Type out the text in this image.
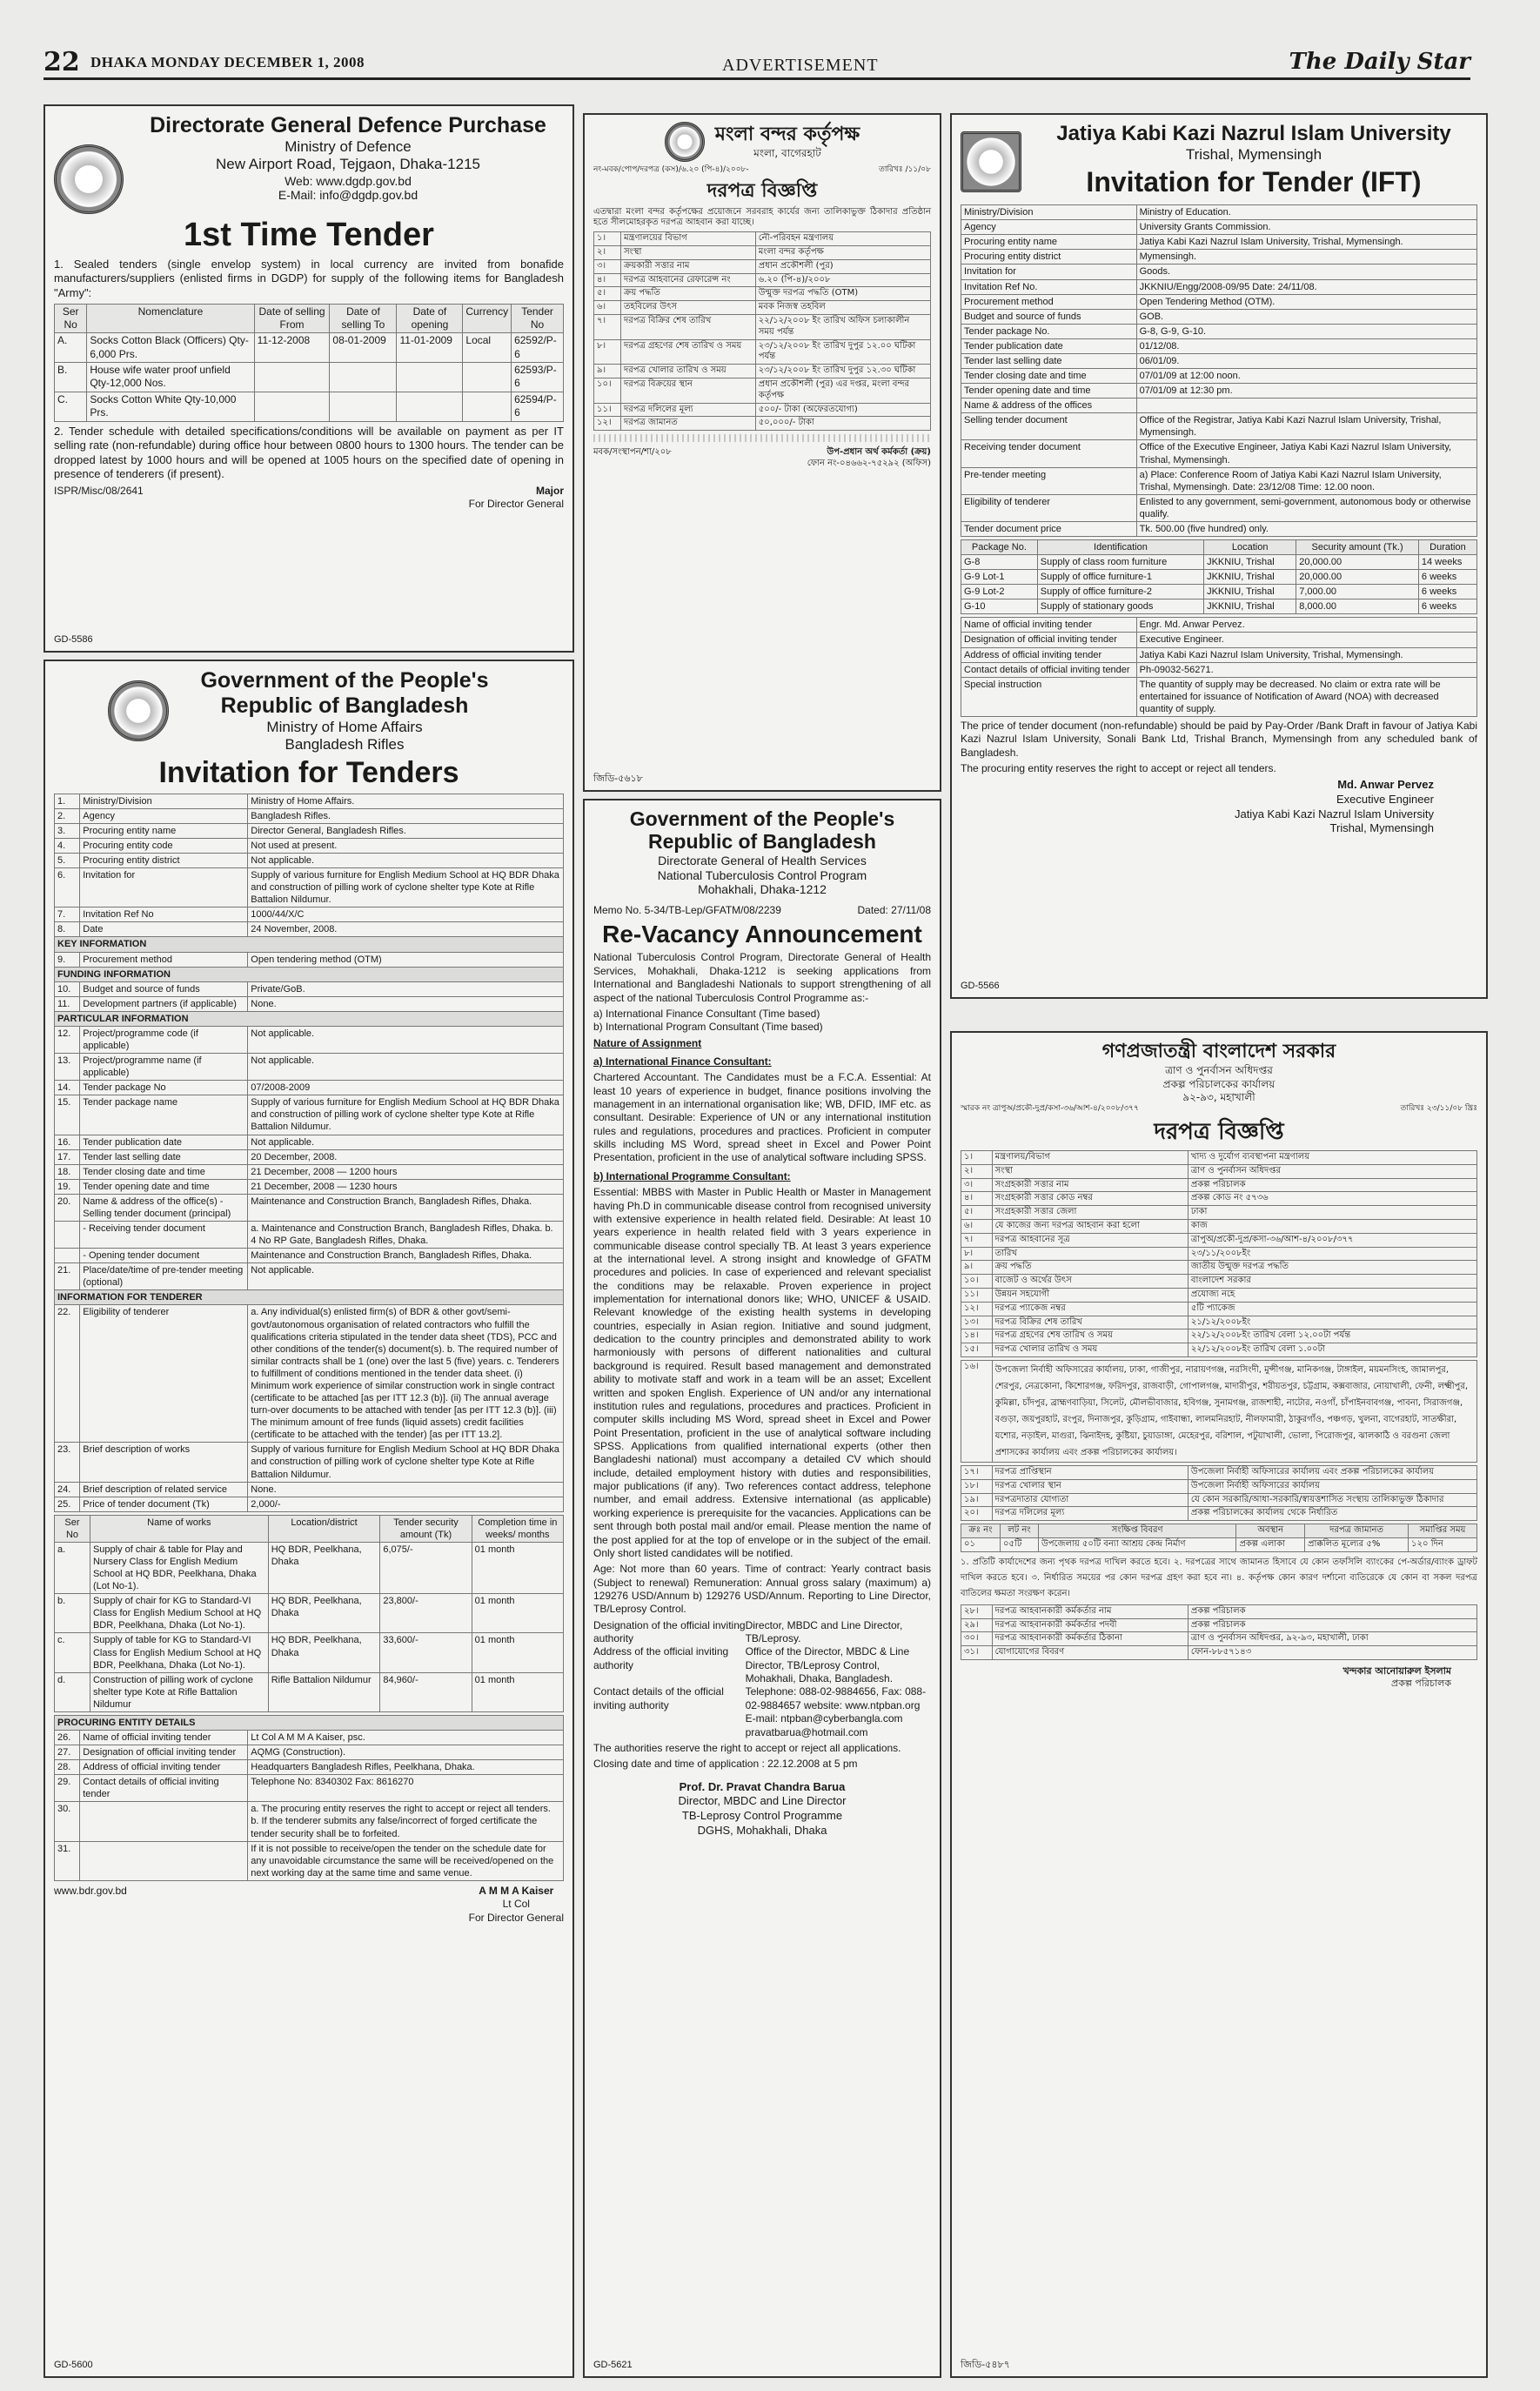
22 DHAKA MONDAY DECEMBER 1, 2008	ADVERTISEMENT	The Daily Star
Directorate General Defence Purchase
Ministry of Defence
New Airport Road, Tejgaon, Dhaka-1215
Web: www.dgdp.gov.bd
E-Mail: info@dgdp.gov.bd
1st Time Tender

1. Sealed tenders (single envelop system) in local currency are invited from bonafide manufacturers/suppliers (enlisted firms in DGDP) for supply of the following items for Bangladesh "Army":

Ser No	Nomenclature	Date of selling From	Date of selling To	Date of opening	Currency	Tender No
A.	Socks Cotton Black (Officers) Qty-6,000 Prs.	11-12-2008	08-01-2009	11-01-2009	Local	62592/P-6
B.	House wife water proof unfield Qty-12,000 Nos.					62593/P-6
C.	Socks Cotton White Qty-10,000 Prs.					62594/P-6

2. Tender schedule with detailed specifications/conditions will be available on payment as per IT selling rate (non-refundable) during office hour between 0800 hours to 1300 hours. The tender can be dropped latest by 1000 hours and will be opened at 1005 hours on the specified date of opening in presence of tenderers (if present).

ISPR/Misc/08/2641	Major
For Director General
GD-5586
Government of the People's Republic of Bangladesh
Ministry of Home Affairs
Bangladesh Rifles
Invitation for Tenders
1.	Ministry/Division	Ministry of Home Affairs.
2.	Agency	Bangladesh Rifles.
3.	Procuring entity name	Director General, Bangladesh Rifles.
4.	Procuring entity code	Not used at present.
5.	Procuring entity district	Not applicable.
6.	Invitation for	Supply of various furniture for English Medium School at HQ BDR Dhaka and construction of pilling work of cyclone shelter type Kote at Rifle Battalion Nildumur.
7.	Invitation Ref No	1000/44/X/C
8.	Date	24 November, 2008.
KEY INFORMATION		
9.	Procurement method	Open tendering method (OTM)
FUNDING INFORMATION		
10.	Budget and source of funds	Private/GoB.
11.	Development partners (if applicable)	None.
PARTICULAR INFORMATION		
12.	Project/programme code (if applicable)	Not applicable.
13.	Project/programme name (if applicable)	Not applicable.
14.	Tender package No	07/2008-2009
15.	Tender package name	Supply of various furniture for English Medium School at HQ BDR Dhaka and construction of pilling work of cyclone shelter type Kote at Rifle Battalion Nildumur.
16.	Tender publication date	Not applicable.
17.	Tender last selling date	20 December, 2008.
18.	Tender closing date and time	21 December, 2008 — 1200 hours
19.	Tender opening date and time	21 December, 2008 — 1230 hours
20.	Name & address of the office(s) - Selling tender document (principal)	Maintenance and Construction Branch, Bangladesh Rifles, Dhaka.
	- Receiving tender document	a. Maintenance and Construction Branch, Bangladesh Rifles, Dhaka. b. 4 No RP Gate, Bangladesh Rifles, Dhaka.
	- Opening tender document	Maintenance and Construction Branch, Bangladesh Rifles, Dhaka.
21.	Place/date/time of pre-tender meeting (optional)	Not applicable.
INFORMATION FOR TENDERER		
22.	Eligibility of tenderer	a. Any individual(s) enlisted firm(s) of BDR & other govt/semi-govt/autonomous organisation of related contractors who fulfill the qualifications criteria stipulated in the tender data sheet (TDS), PCC and other conditions of the tender(s) document(s). b. The required number of similar contracts shall be 1 (one) over the last 5 (five) years. c. Tenderers to fulfillment of conditions mentioned in the tender data sheet. (i) Minimum work experience of similar construction work in single contract (certificate to be attached [as per ITT 12.3 (b)]. (ii) The annual average turn-over documents to be attached with tender [as per ITT 12.3 (b)]. (iii) The minimum amount of free funds (liquid assets) credit facilities (certificate to be attached with the tender) [as per ITT 13.2].
23.	Brief description of works	Supply of various furniture for English Medium School at HQ BDR Dhaka and construction of pilling work of cyclone shelter type Kote at Rifle Battalion Nildumur.
24.	Brief description of related service	None.
25.	Price of tender document (Tk)	2,000/-
Ser No	Name of works	Location/district	Tender security amount (Tk)	Completion time in weeks/ months
a.	Supply of chair & table for Play and Nursery Class for English Medium School at HQ BDR, Peelkhana, Dhaka (Lot No-1).	HQ BDR, Peelkhana, Dhaka	6,075/-	01 month
b.	Supply of chair for KG to Standard-VI Class for English Medium School at HQ BDR, Peelkhana, Dhaka (Lot No-1).	HQ BDR, Peelkhana, Dhaka	23,800/-	01 month
c.	Supply of table for KG to Standard-VI Class for English Medium School at HQ BDR, Peelkhana, Dhaka (Lot No-1).	HQ BDR, Peelkhana, Dhaka	33,600/-	01 month
d.	Construction of pilling work of cyclone shelter type Kote at Rifle Battalion Nildumur	Rifle Battalion Nildumur	84,960/-	01 month
PROCURING ENTITY DETAILS		
26.	Name of official inviting tender	Lt Col A M M A Kaiser, psc.
27.	Designation of official inviting tender	AQMG (Construction).
28.	Address of official inviting tender	Headquarters Bangladesh Rifles, Peelkhana, Dhaka.
29.	Contact details of official inviting tender	Telephone No: 8340302 Fax: 8616270
30.		a. The procuring entity reserves the right to accept or reject all tenders. b. If the tenderer submits any false/incorrect of forged certificate the tender security shall be to forfeited.
31.		If it is not possible to receive/open the tender on the schedule date for any unavoidable circumstance the same will be received/opened on the next working day at the same time and same venue.
www.bdr.gov.bd	A M M A Kaiser
Lt Col
For Director General
GD-5600
মংলা বন্দর কর্তৃপক্ষ
মংলা, বাগেরহাট
নং-মবক/পোপ/দরপত্র (কস)/৬.২০ (পি-৪)/২০০৮-	তারিখঃ /১১/০৮
দরপত্র বিজ্ঞপ্তি

এতদ্বারা মংলা বন্দর কর্তৃপক্ষের প্রয়োজনে সরবরাহ কার্যের জন্য তালিকাভুক্ত ঠিকাদার প্রতিষ্ঠান হতে সীলমোহরকৃত দরপত্র আহবান করা যাচ্ছে।

১।	মন্ত্রণালয়ের বিভাগ	নৌ-পরিবহন মন্ত্রণালয়
২।	সংস্থা	মংলা বন্দর কর্তৃপক্ষ
৩।	ক্রয়কারী সত্তার নাম	প্রধান প্রকৌশলী (পুর)
৪।	দরপত্র আহবানের রেফারেন্স নং	৬.২০ (পি-৪)/২০০৮
৫।	ক্রয় পদ্ধতি	উন্মুক্ত দরপত্র পদ্ধতি (OTM)
৬।	তহবিলের উৎস	মবক নিজস্ব তহবিল
৭।	দরপত্র বিক্রির শেষ তারিখ	২২/১২/২০০৮ ইং তারিখ অফিস চলাকালীন সময় পর্যন্ত
৮।	দরপত্র গ্রহণের শেষ তারিখ ও সময়	২৩/১২/২০০৮ ইং তারিখ দুপুর ১২.০০ ঘটিকা পর্যন্ত
৯।	দরপত্র খোলার তারিখ ও সময়	২৩/১২/২০০৮ ইং তারিখ দুপুর ১২.৩০ ঘটিকা
১০।	দরপত্র বিক্রয়ের স্থান	প্রধান প্রকৌশলী (পুর) এর দপ্তর, মংলা বন্দর কর্তৃপক্ষ
১১।	দরপত্র দলিলের মূল্য	৫০০/- টাকা (অফেরতযোগ্য)
১২।	দরপত্র জামানত	৫০,০০০/- টাকা
মবক/সংস্থাপন/শা/২০৮	উপ-প্রধান অর্থ কর্মকর্তা (ক্রয়)
ফোন নং-০৪৬৬২-৭৫২৯২ (অফিস)
জিডি-৫৬১৮
Government of the People's Republic of Bangladesh
Directorate General of Health Services
National Tuberculosis Control Program
Mohakhali, Dhaka-1212
Memo No. 5-34/TB-Lep/GFATM/08/2239	Dated: 27/11/08
Re-Vacancy Announcement

National Tuberculosis Control Program, Directorate General of Health Services, Mohakhali, Dhaka-1212 is seeking applications from International and Bangladeshi Nationals to support strengthening of all aspect of the national Tuberculosis Control Programme as:-

a) International Finance Consultant (Time based)
b) International Program Consultant (Time based)
Nature of Assignment
a) International Finance Consultant:

Chartered Accountant. The Candidates must be a F.C.A. Essential: At least 10 years of experience in budget, finance positions involving the management in an international organisation like; WB, DFID, IMF etc. as consultant. Desirable: Experience of UN or any international institution rules and regulations, procedures and practices. Proficient in computer skills including MS Word, spread sheet in Excel and Power Point Presentation, proficient in the use of analytical software including SPSS.

b) International Programme Consultant:

Essential: MBBS with Master in Public Health or Master in Management having Ph.D in communicable disease control from recognised university with extensive experience in health related field. Desirable: At least 10 years experience in health related field with 3 years experience in communicable disease control specially TB. At least 3 years experience at the international level. A strong insight and knowledge of GFATM procedures and policies. In case of experienced and relevant specialist the conditions may be relaxable. Proven experience in project implementation for international donors like; WHO, UNICEF & USAID. Relevant knowledge of the existing health systems in developing countries, especially in Asian region. Initiative and sound judgment, dedication to the country principles and demonstrated ability to work harmoniously with persons of different nationalities and cultural background is required. Result based management and demonstrated ability to motivate staff and work in a team will be an asset; Excellent written and spoken English. Experience of UN and/or any international institution rules and regulations, procedures and practices. Proficient in computer skills including MS Word, spread sheet in Excel and Power Point Presentation, proficient in the use of analytical software including SPSS. Applications from qualified international experts (other then Bangladeshi national) must accompany a detailed CV which should include, detailed employment history with duties and responsibilities, major publications (if any). Two references contact address, telephone number, and email address. Extensive international (as applicable) working experience is prerequisite for the vacancies. Applications can be sent through both postal mail and/or email. Please mention the name of the post applied for at the top of envelope or in the subject of the email. Only short listed candidates will be notified.

Age: Not more than 60 years. Time of contract: Yearly contract basis (Subject to renewal) Remuneration: Annual gross salary (maximum) a) 129276 USD/Annum b) 129276 USD/Annum. Reporting to Line Director, TB/Leprosy Control.

Designation of the official inviting authority	Director, MBDC and Line Director, TB/Leprosy.
Address of the official inviting authority	Office of the Director, MBDC & Line Director, TB/Leprosy Control, Mohakhali, Dhaka, Bangladesh.
Contact details of the official inviting authority	Telephone: 088-02-9884656, Fax: 088-02-9884657 website: www.ntpban.org E-mail: ntpban@cyberbangla.com pravatbarua@hotmail.com

The authorities reserve the right to accept or reject all applications.

Closing date and time of application : 22.12.2008 at 5 pm

Prof. Dr. Pravat Chandra Barua
Director, MBDC and Line Director
TB-Leprosy Control Programme
DGHS, Mohakhali, Dhaka
GD-5621
Jatiya Kabi Kazi Nazrul Islam University
Trishal, Mymensingh
Invitation for Tender (IFT)
Ministry/Division	Ministry of Education.
Agency	University Grants Commission.
Procuring entity name	Jatiya Kabi Kazi Nazrul Islam University, Trishal, Mymensingh.
Procuring entity district	Mymensingh.
Invitation for	Goods.
Invitation Ref No.	JKKNIU/Engg/2008-09/95 Date: 24/11/08.
Procurement method	Open Tendering Method (OTM).
Budget and source of funds	GOB.
Tender package No.	G-8, G-9, G-10.
Tender publication date	01/12/08.
Tender last selling date	06/01/09.
Tender closing date and time	07/01/09 at 12:00 noon.
Tender opening date and time	07/01/09 at 12:30 pm.
Name & address of the offices	
Selling tender document	Office of the Registrar, Jatiya Kabi Kazi Nazrul Islam University, Trishal, Mymensingh.
Receiving tender document	Office of the Executive Engineer, Jatiya Kabi Kazi Nazrul Islam University, Trishal, Mymensingh.
Pre-tender meeting	a) Place: Conference Room of Jatiya Kabi Kazi Nazrul Islam University, Trishal, Mymensingh. Date: 23/12/08 Time: 12.00 noon.
Eligibility of tenderer	Enlisted to any government, semi-government, autonomous body or otherwise qualify.
Tender document price	Tk. 500.00 (five hundred) only.
Package No.	Identification	Location	Security amount (Tk.)	Duration
G-8	Supply of class room furniture	JKKNIU, Trishal	20,000.00	14 weeks
G-9 Lot-1	Supply of office furniture-1	JKKNIU, Trishal	20,000.00	6 weeks
G-9 Lot-2	Supply of office furniture-2	JKKNIU, Trishal	7,000.00	6 weeks
G-10	Supply of stationary goods	JKKNIU, Trishal	8,000.00	6 weeks
Name of official inviting tender	Engr. Md. Anwar Pervez.
Designation of official inviting tender	Executive Engineer.
Address of official inviting tender	Jatiya Kabi Kazi Nazrul Islam University, Trishal, Mymensingh.
Contact details of official inviting tender	Ph-09032-56271.
Special instruction	The quantity of supply may be decreased. No claim or extra rate will be entertained for issuance of Notification of Award (NOA) with decreased quantity of supply.

The price of tender document (non-refundable) should be paid by Pay-Order /Bank Draft in favour of Jatiya Kabi Kazi Nazrul Islam University, Sonali Bank Ltd, Trishal Branch, Mymensingh from any scheduled bank of Bangladesh.

The procuring entity reserves the right to accept or reject all tenders.

Md. Anwar Pervez
Executive Engineer
Jatiya Kabi Kazi Nazrul Islam University
Trishal, Mymensingh
GD-5566
গণপ্রজাতন্ত্রী বাংলাদেশ সরকার
ত্রাণ ও পুনর্বাসন অধিদপ্তর
প্রকল্প পরিচালকের কার্যালয়
৯২-৯৩, মহাখালী
স্মারক নং ত্রাপুঅ/প্রকৌ-দুপ্র/কসা-৩৬/আশ-৪/২০০৮/৩৭৭	তারিখঃ ২৩/১১/০৮ খ্রিঃ
দরপত্র বিজ্ঞপ্তি
১।	মন্ত্রণালয়/বিভাগ	খাদ্য ও দুর্যোগ ব্যবস্থাপনা মন্ত্রণালয়
২।	সংস্থা	ত্রাণ ও পুনর্বাসন অধিদপ্তর
৩।	সংগ্রহকারী সত্তার নাম	প্রকল্প পরিচালক
৪।	সংগ্রহকারী সত্তার কোড নম্বর	প্রকল্প কোড নং ৫৭৩৬
৫।	সংগ্রহকারী সত্তার জেলা	ঢাকা
৬।	যে কাজের জন্য দরপত্র আহবান করা হলো	কাজ
৭।	দরপত্র আহবানের সূত্র	ত্রাপুঅ/প্রকৌ-দুপ্র/কসা-৩৬/আশ-৪/২০০৮/৩৭৭
৮।	তারিখ	২৩/১১/২০০৮ইং
৯।	ক্রয় পদ্ধতি	জাতীয় উন্মুক্ত দরপত্র পদ্ধতি
১০।	বাজেট ও অর্থের উৎস	বাংলাদেশ সরকার
১১।	উন্নয়ন সহযোগী	প্রযোজ্য নহে
১২।	দরপত্র প্যাকেজ নম্বর	৫টি প্যাকেজ
১৩।	দরপত্র বিক্রির শেষ তারিখ	২১/১২/২০০৮ইং
১৪।	দরপত্র গ্রহণের শেষ তারিখ ও সময়	২২/১২/২০০৮ইং তারিখ বেলা ১২.০০টা পর্যন্ত
১৫।	দরপত্র খোলার তারিখ ও সময়	২২/১২/২০০৮ইং তারিখ বেলা ১.০০টা
১৬।	উপজেলা নির্বাহী অফিসারের কার্যালয়, ঢাকা, গাজীপুর, নারায়ণগঞ্জ, নরসিংদী, মুন্সীগঞ্জ, মানিকগঞ্জ, টাঙ্গাইল, ময়মনসিংহ, জামালপুর, শেরপুর, নেত্রকোনা, কিশোরগঞ্জ, ফরিদপুর, রাজবাড়ী, গোপালগঞ্জ, মাদারীপুর, শরীয়তপুর, চট্টগ্রাম, কক্সবাজার, নোয়াখালী, ফেনী, লক্ষ্মীপুর, কুমিল্লা, চাঁদপুর, ব্রাহ্মণবাড়িয়া, সিলেট, মৌলভীবাজার, হবিগঞ্জ, সুনামগঞ্জ, রাজশাহী, নাটোর, নওগাঁ, চাঁপাইনবাবগঞ্জ, পাবনা, সিরাজগঞ্জ, বগুড়া, জয়পুরহাট, রংপুর, দিনাজপুর, কুড়িগ্রাম, গাইবান্ধা, লালমনিরহাট, নীলফামারী, ঠাকুরগাঁও, পঞ্চগড়, খুলনা, বাগেরহাট, সাতক্ষীরা, যশোর, নড়াইল, মাগুরা, ঝিনাইদহ, কুষ্টিয়া, চুয়াডাঙ্গা, মেহেরপুর, বরিশাল, পটুয়াখালী, ভোলা, পিরোজপুর, ঝালকাঠি ও বরগুনা জেলা প্রশাসকের কার্যালয় এবং প্রকল্প পরিচালকের কার্যালয়।
১৭।	দরপত্র প্রাপ্তিস্থান	উপজেলা নির্বাহী অফিসারের কার্যালয় এবং প্রকল্প পরিচালকের কার্যালয়
১৮।	দরপত্র খোলার স্থান	উপজেলা নির্বাহী অফিসারের কার্যালয়
১৯।	দরপত্রদাতার যোগ্যতা	যে কোন সরকারি/আধা-সরকারি/স্বায়ত্তশাসিত সংস্থায় তালিকাভুক্ত ঠিকাদার
২০।	দরপত্র দলিলের মূল্য	প্রকল্প পরিচালকের কার্যালয় থেকে নির্ধারিত
ক্রঃ নং	লট নং	সংক্ষিপ্ত বিবরণ	অবস্থান	দরপত্র জামানত	সমাপ্তির সময়
০১	০৫টি	উপজেলায় ৫০টি বন্যা আশ্রয় কেন্দ্র নির্মাণ	প্রকল্প এলাকা	প্রাক্কলিত মূল্যের ৫%	১২০ দিন

১. প্রতিটি কার্যাদেশের জন্য পৃথক দরপত্র দাখিল করতে হবে। ২. দরপত্রের সাথে জামানত হিসাবে যে কোন তফসিলি ব্যাংকের পে-অর্ডার/ব্যাংক ড্রাফট দাখিল করতে হবে। ৩. নির্ধারিত সময়ের পর কোন দরপত্র গ্রহণ করা হবে না। ৪. কর্তৃপক্ষ কোন কারণ দর্শানো ব্যতিরেকে যে কোন বা সকল দরপত্র বাতিলের ক্ষমতা সংরক্ষণ করেন।

২৮।	দরপত্র আহবানকারী কর্মকর্তার নাম	প্রকল্প পরিচালক
২৯।	দরপত্র আহবানকারী কর্মকর্তার পদবী	প্রকল্প পরিচালক
৩০।	দরপত্র আহবানকারী কর্মকর্তার ঠিকানা	ত্রাণ ও পুনর্বাসন অধিদপ্তর, ৯২-৯৩, মহাখালী, ঢাকা
৩১।	যোগাযোগের বিবরণ	ফোন-৮৮৫৭১৪৩
খন্দকার আনোয়ারুল ইসলাম
প্রকল্প পরিচালক
জিডি-৫৪৮৭
